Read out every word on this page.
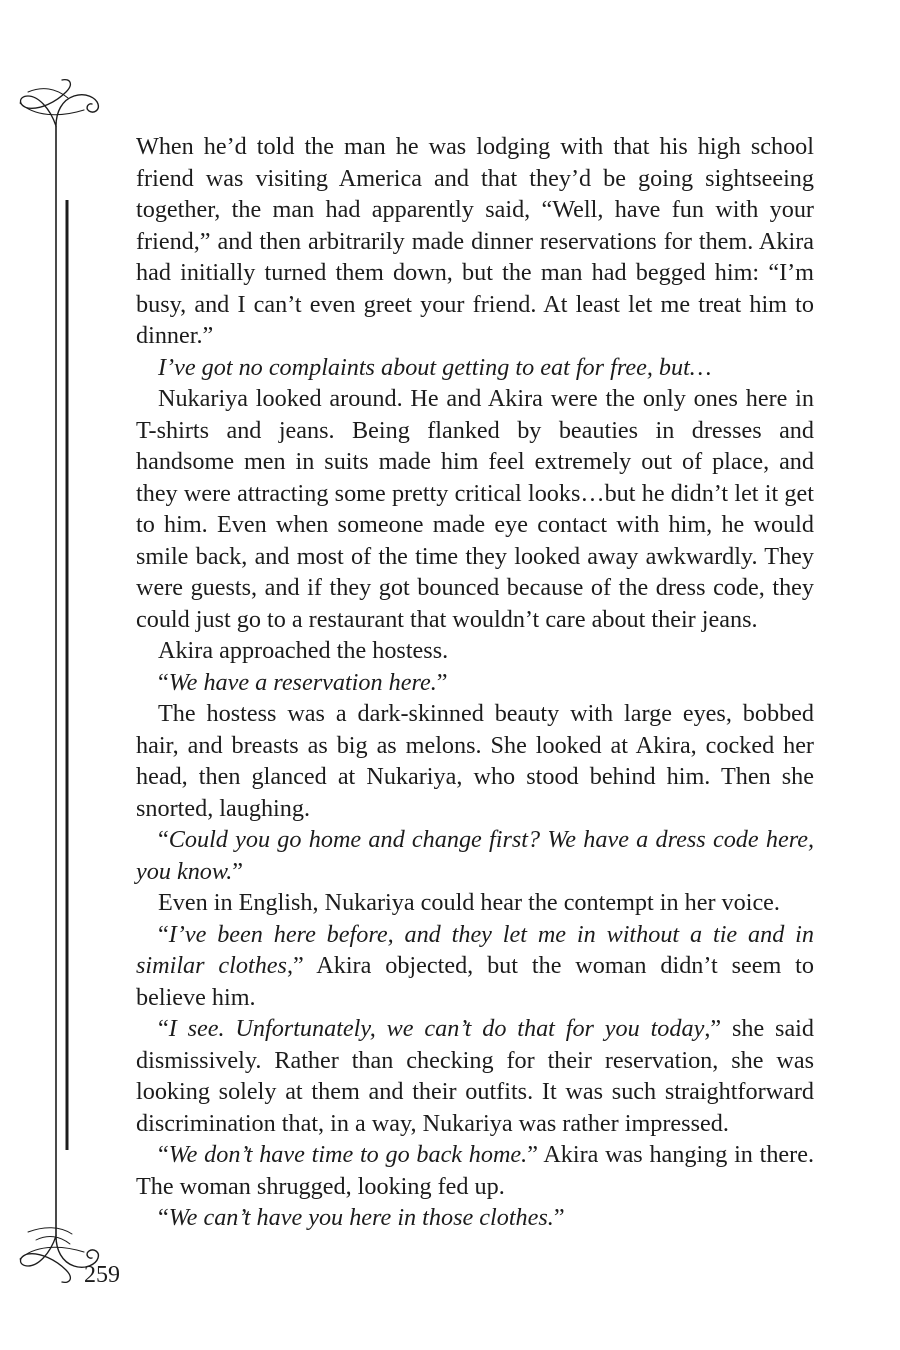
When he’d told the man he was lodging with that his high school friend was visiting America and that they’d be going sightseeing together, the man had apparently said, “Well, have fun with your friend,” and then arbitrarily made dinner reservations for them. Akira had initially turned them down, but the man had begged him: “I’m busy, and I can’t even greet your friend. At least let me treat him to dinner.”

I’ve got no complaints about getting to eat for free, but…

Nukariya looked around. He and Akira were the only ones here in T-shirts and jeans. Being flanked by beauties in dresses and handsome men in suits made him feel extremely out of place, and they were attracting some pretty critical looks…but he didn’t let it get to him. Even when someone made eye contact with him, he would smile back, and most of the time they looked away awkwardly. They were guests, and if they got bounced because of the dress code, they could just go to a restaurant that wouldn’t care about their jeans.

Akira approached the hostess.

“We have a reservation here.”

The hostess was a dark-skinned beauty with large eyes, bobbed hair, and breasts as big as melons. She looked at Akira, cocked her head, then glanced at Nukariya, who stood behind him. Then she snorted, laughing.

“Could you go home and change first? We have a dress code here, you know.”

Even in English, Nukariya could hear the contempt in her voice.

“I’ve been here before, and they let me in without a tie and in similar clothes,” Akira objected, but the woman didn’t seem to believe him.

“I see. Unfortunately, we can’t do that for you today,” she said dismissively. Rather than checking for their reservation, she was looking solely at them and their outfits. It was such straightforward discrimination that, in a way, Nukariya was rather impressed.

“We don’t have time to go back home.” Akira was hanging in there. The woman shrugged, looking fed up.

“We can’t have you here in those clothes.”

259
